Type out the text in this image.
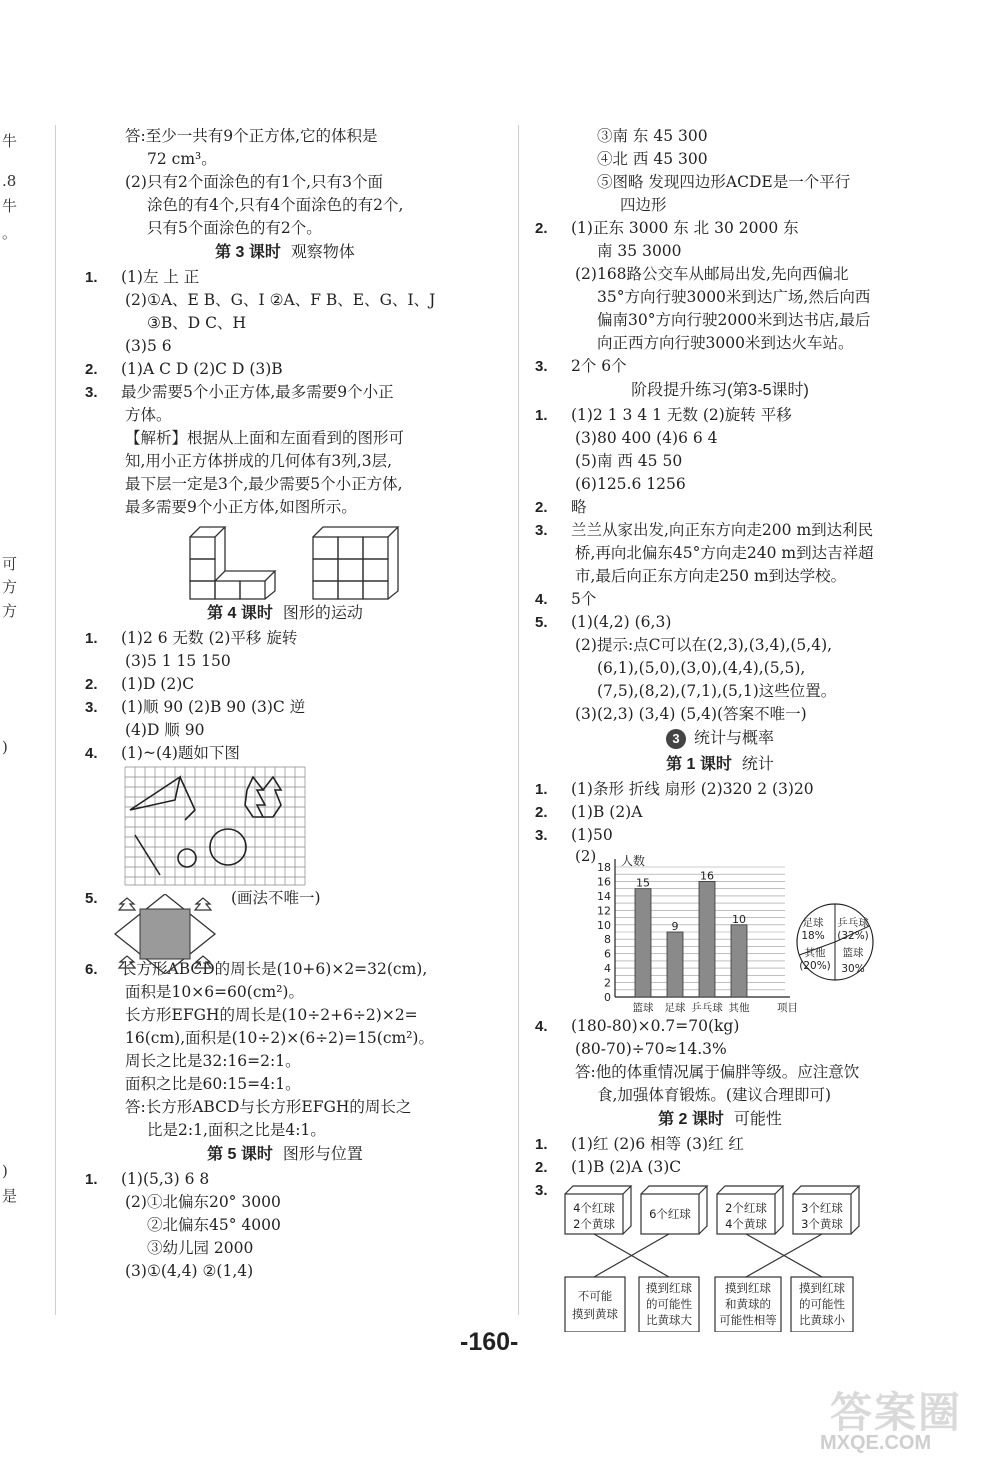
牛
.8
牛
。
可
方
方
)
)
是
答:至少一共有9个正方体,它的体积是
72 cm³。
(2)只有2个面涂色的有1个,只有3个面
涂色的有4个,只有4个面涂色的有2个,
只有5个面涂色的有2个。
第 3 课时 观察物体
1. (1)左 上 正
(2)①A、E B、G、I ②A、F B、E、G、I、J
③B、D C、H
(3)5 6
2. (1)A C D (2)C D (3)B
3. 最少需要5个小正方体,最多需要9个小正
方体。
【解析】根据从上面和左面看到的图形可
知,用小正方体拼成的几何体有3列,3层,
最下层一定是3个,最少需要5个小正方体,
最多需要9个小正方体,如图所示。
第 4 课时 图形的运动
1. (1)2 6 无数 (2)平移 旋转
(3)5 1 15 150
2. (1)D (2)C
3. (1)顺 90 (2)B 90 (3)C 逆
(4)D 顺 90
4. (1)~(4)题如下图
5.	(画法不唯一)
6. 长方形ABCD的周长是(10+6)×2=32(cm),
面积是10×6=60(cm²)。
长方形EFGH的周长是(10÷2+6÷2)×2=
16(cm),面积是(10÷2)×(6÷2)=15(cm²)。
周长之比是32:16=2:1。
面积之比是60:15=4:1。
答:长方形ABCD与长方形EFGH的周长之
比是2:1,面积之比是4:1。
第 5 课时 图形与位置
1. (1)(5,3) 6 8
(2)①北偏东20° 3000
②北偏东45° 4000
③幼儿园 2000
(3)①(4,4) ②(1,4)
③南 东 45 300
④北 西 45 300
⑤图略 发现四边形ACDE是一个平行
四边形
2. (1)正东 3000 东 北 30 2000 东
南 35 3000
(2)168路公交车从邮局出发,先向西偏北
35°方向行驶3000米到达广场,然后向西
偏南30°方向行驶2000米到达书店,最后
向正西方向行驶3000米到达火车站。
3. 2个 6个
阶段提升练习(第3-5课时)
1. (1)2 1 3 4 1 无数 (2)旋转 平移
(3)80 400 (4)6 6 4
(5)南 西 45 50
(6)125.6 1256
2. 略
3. 兰兰从家出发,向正东方向走200 m到达利民
桥,再向北偏东45°方向走240 m到达吉祥超
市,最后向正东方向走250 m到达学校。
4. 5个
5. (1)(4,2) (6,3)
(2)提示:点C可以在(2,3),(3,4),(5,4),
(6,1),(5,0),(3,0),(4,4),(5,5),
(7,5),(8,2),(7,1),(5,1)这些位置。
(3)(2,3) (3,4) (5,4)(答案不唯一)
3 统计与概率
第 1 课时 统计
1. (1)条形 折线 扇形 (2)320 2 (3)20
2. (1)B (2)A
3. (1)50
(2)
0
2
4
6
8
10
12
14
16
18 人数
15
篮球
9
足球
16
乒乓球
10
其他	项目
足球
18%
乒乓球
(32%)
其他
(20%)
篮球
30%
4. (180-80)×0.7=70(kg)
(80-70)÷70≈14.3%
答:他的体重情况属于偏胖等级。应注意饮
食,加强体育锻炼。(建议合理即可)
第 2 课时 可能性
1. (1)红 (2)6 相等 (3)红 红
2. (1)B (2)A (3)C
3.
4个红球
2个黄球
6个红球	2个红球
4个黄球
3个红球
3个黄球
不可能
摸到黄球
摸到红球
的可能性
比黄球大
摸到红球
和黄球的
可能性相等
摸到红球
的可能性
比黄球小
-160-
答案圈
MXQE.COM
